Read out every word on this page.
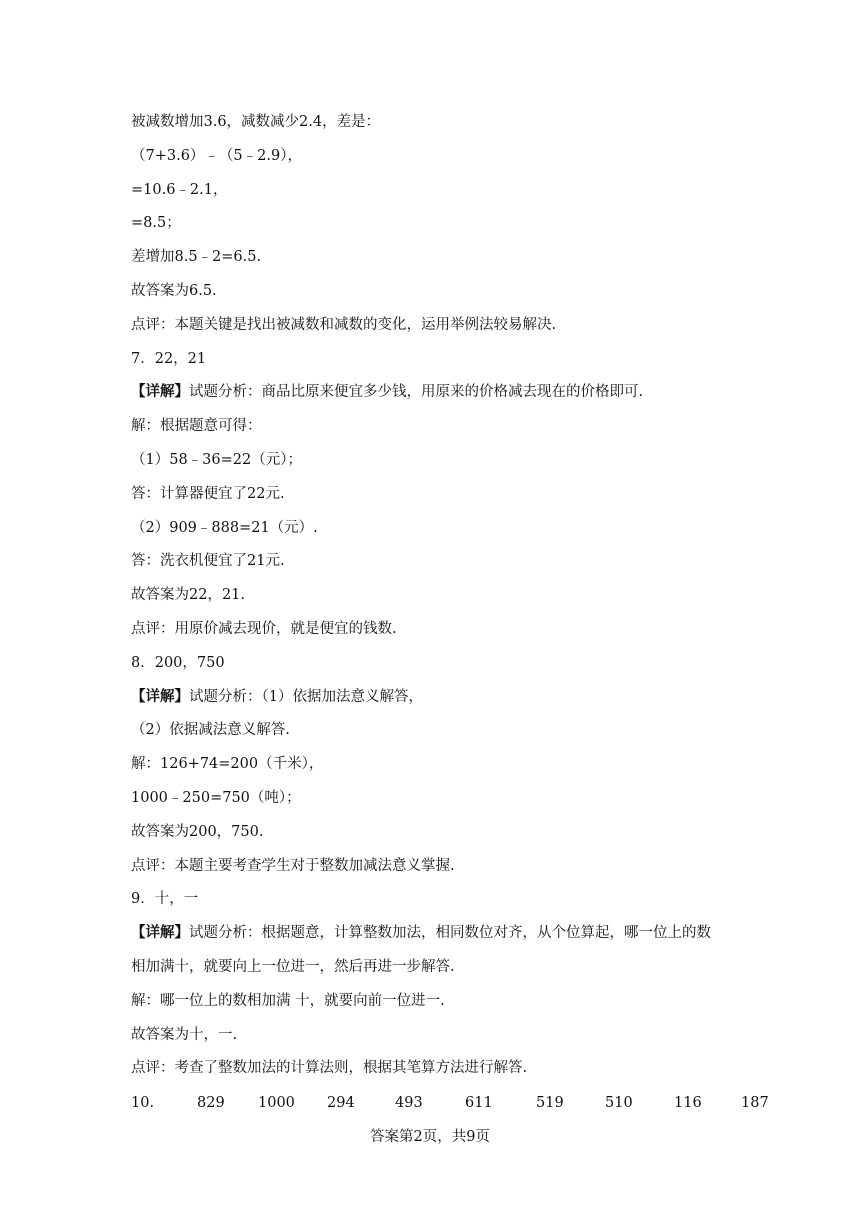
被减数增加3.6，减数减少2.4，差是：
（7+3.6）﹣（5﹣2.9），
=10.6﹣2.1，
=8.5；
差增加8.5﹣2=6.5.
故答案为6.5.
点评：本题关键是找出被减数和减数的变化，运用举例法较易解决.
7．22，21
【详解】试题分析：商品比原来便宜多少钱，用原来的价格减去现在的价格即可.
解：根据题意可得：
（1）58﹣36=22（元）；
答：计算器便宜了22元.
（2）909﹣888=21（元）.
答：洗衣机便宜了21元.
故答案为22，21.
点评：用原价减去现价，就是便宜的钱数.
8．200，750
【详解】试题分析：（1）依据加法意义解答，
（2）依据减法意义解答.
解：126+74=200（千米），
1000﹣250=750（吨）；
故答案为200，750.
点评：本题主要考查学生对于整数加减法意义掌握.
9．十，一
【详解】试题分析：根据题意，计算整数加法，相同数位对齐，从个位算起，哪一位上的数
相加满十，就要向上一位进一，然后再进一步解答.
解：哪一位上的数相加满 十，就要向前一位进一.
故答案为十，一.
点评：考查了整数加法的计算法则，根据其笔算方法进行解答.
10.	829 1000 294	493	611	519	510	116	187
答案第2页，共9页
